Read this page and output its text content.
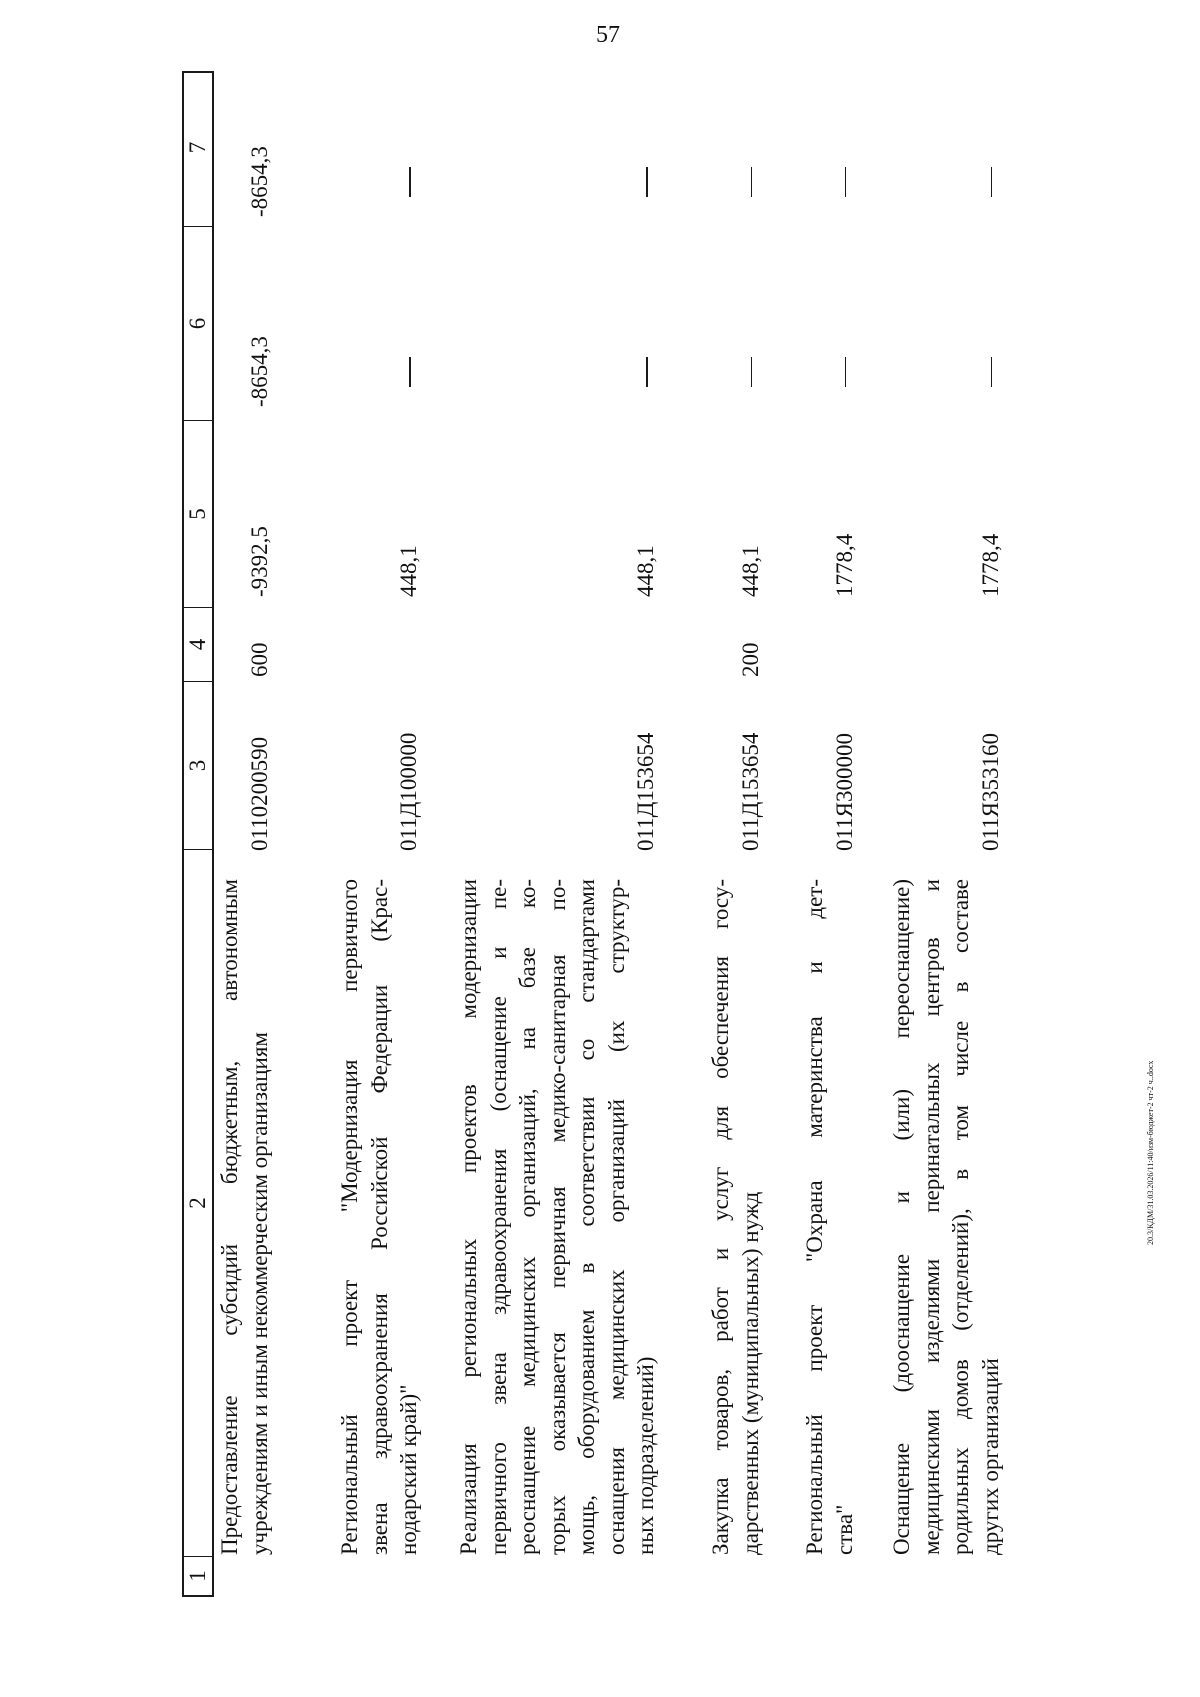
57
1
2
3
4
5
6
7
Предоставление субсидий бюджетным, автономным учреждениям и иным некоммерческим организациям
0110200590
600
-9392,5
-8654,3
-8654,3
Региональный проект "Модернизация первичного звена здравоохранения Российской Федерации (Крас- нодарский край)"
011Д100000
448,1
Реализация региональных проектов модернизации первичного звена здравоохранения (оснащение и пе- реоснащение медицинских организаций, на базе ко- торых оказывается первичная медико-санитарная по- мощь, оборудованием в соответствии со стандартами оснащения медицинских организаций (их структур- ных подразделений)
011Д153654
448,1
Закупка товаров, работ и услуг для обеспечения госу- дарственных (муниципальных) нужд
011Д153654
200
448,1
Региональный проект "Охрана материнства и дет- ства"
011Я300000
1778,4
Оснащение (дооснащение и (или) переоснащение) медицинскими изделиями перинатальных центров и родильных домов (отделений), в том числе в составе других организаций
011Я353160
1778,4
20.3/КДМ/31.03.2026/11:40/изм-бюджет-2 чт-2 ч..docx
